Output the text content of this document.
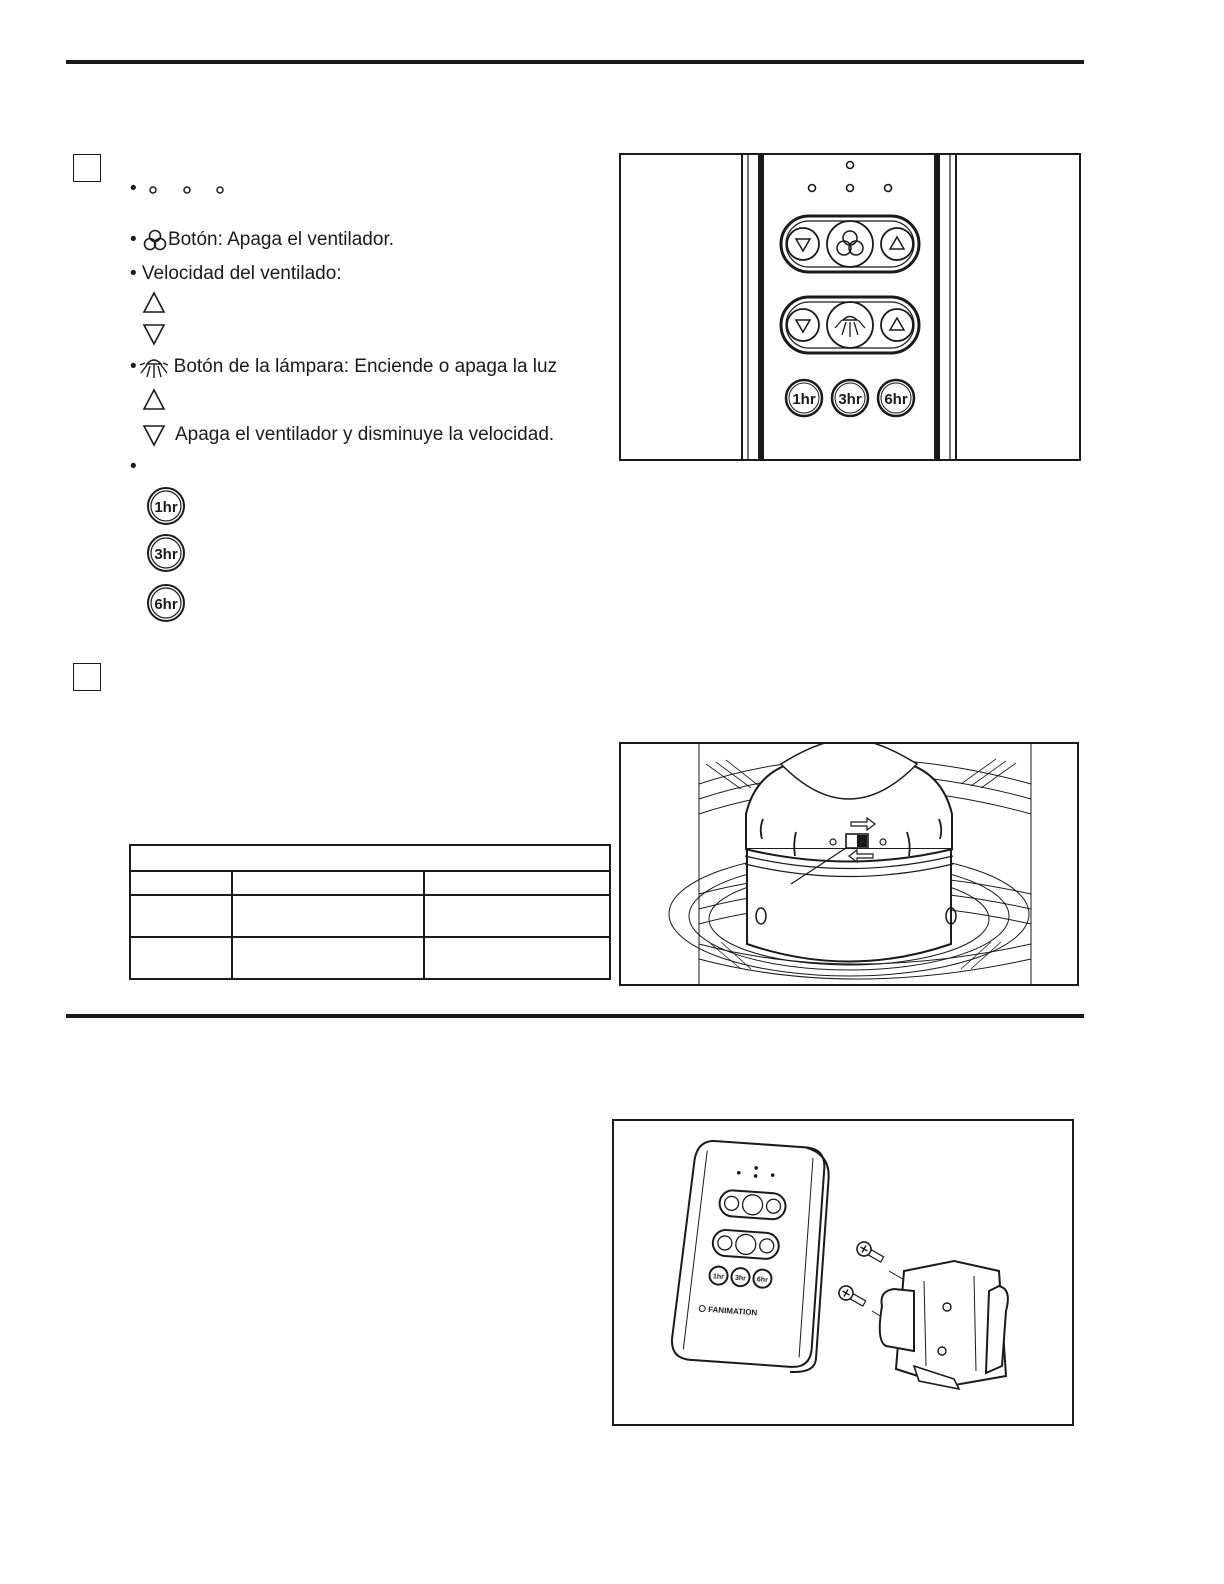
•
• Botón: Apaga el ventilador.
• Velocidad del ventilado:
• Botón de la lámpara: Enciende o apaga la luz
Apaga el ventilador y disminuye la velocidad.
•
1hr
3hr
6hr
1hr 3hr 6hr

1hr 3hr 6hr
FANIMATION
